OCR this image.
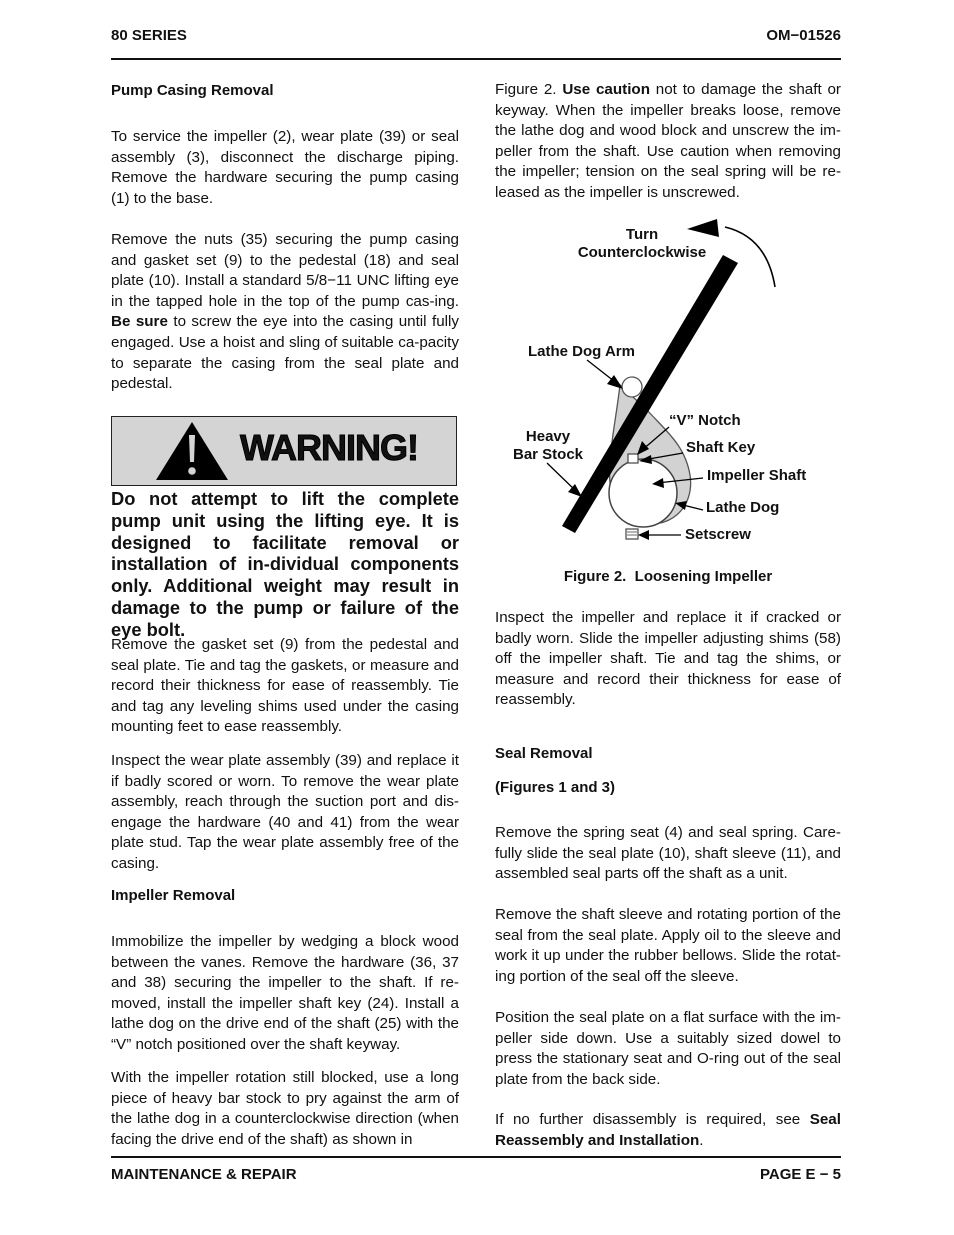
80 SERIES	OM−01526
Pump Casing Removal

To service the impeller (2), wear plate (39) or seal assembly (3), disconnect the discharge piping. Remove the hardware securing the pump casing (1) to the base.

Remove the nuts (35) securing the pump casing and gasket set (9) to the pedestal (18) and seal plate (10). Install a standard 5/8−11 UNC lifting eye in the tapped hole in the top of the pump cas-ing. Be sure to screw the eye into the casing until fully engaged. Use a hoist and sling of suitable ca-pacity to separate the casing from the seal plate and pedestal.

WARNING!
Do not attempt to lift the complete pump unit using the lifting eye. It is designed to facilitate removal or installation of in-dividual components only. Additional weight may result in damage to the pump or failure of the eye bolt.

Remove the gasket set (9) from the pedestal and seal plate. Tie and tag the gaskets, or measure and record their thickness for ease of reassembly. Tie and tag any leveling shims used under the casing mounting feet to ease reassembly.

Inspect the wear plate assembly (39) and replace it if badly scored or worn. To remove the wear plate assembly, reach through the suction port and dis-engage the hardware (40 and 41) from the wear plate stud. Tap the wear plate assembly free of the casing.

Impeller Removal

Immobilize the impeller by wedging a block wood between the vanes. Remove the hardware (36, 37 and 38) securing the impeller to the shaft. If re-moved, install the impeller shaft key (24). Install a lathe dog on the drive end of the shaft (25) with the “V” notch positioned over the shaft keyway.

With the impeller rotation still blocked, use a long piece of heavy bar stock to pry against the arm of the lathe dog in a counterclockwise direction (when facing the drive end of the shaft) as shown in

Figure 2. Use caution not to damage the shaft or keyway. When the impeller breaks loose, remove the lathe dog and wood block and unscrew the im-peller from the shaft. Use caution when removing the impeller; tension on the seal spring will be re-leased as the impeller is unscrewed.

Turn
Counterclockwise
Lathe Dog Arm
Heavy
Bar Stock
“V” Notch
Shaft Key
Impeller Shaft
Lathe Dog
Setscrew
Figure 2.  Loosening Impeller

Inspect the impeller and replace it if cracked or badly worn. Slide the impeller adjusting shims (58) off the impeller shaft. Tie and tag the shims, or measure and record their thickness for ease of reassembly.

Seal Removal
(Figures 1 and 3)

Remove the spring seat (4) and seal spring. Care-fully slide the seal plate (10), shaft sleeve (11), and assembled seal parts off the shaft as a unit.

Remove the shaft sleeve and rotating portion of the seal from the seal plate. Apply oil to the sleeve and work it up under the rubber bellows. Slide the rotat-ing portion of the seal off the sleeve.

Position the seal plate on a flat surface with the im-peller side down. Use a suitably sized dowel to press the stationary seat and O-ring out of the seal plate from the back side.

If no further disassembly is required, see Seal Reassembly and Installation.

MAINTENANCE & REPAIR	PAGE E − 5
